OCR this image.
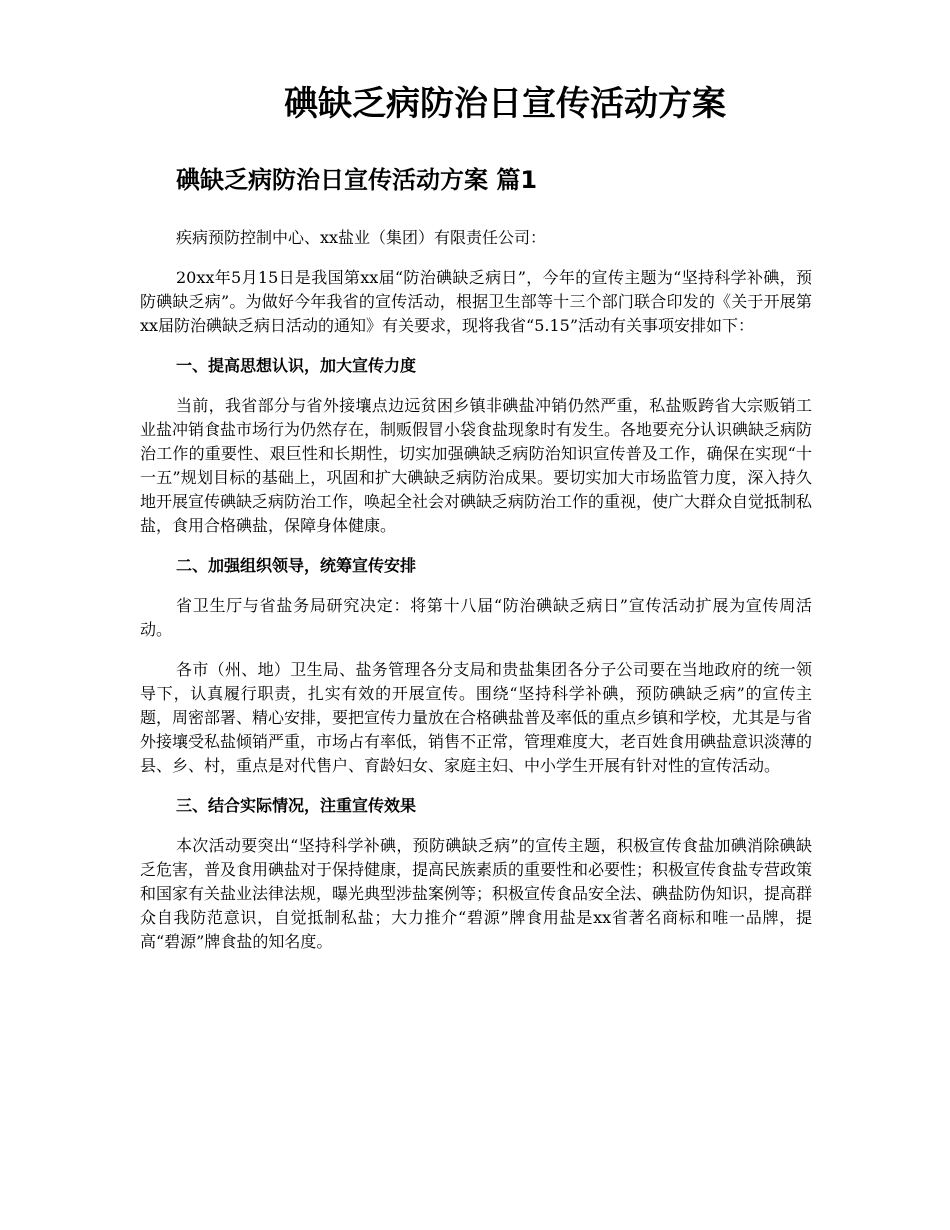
碘缺乏病防治日宣传活动方案
碘缺乏病防治日宣传活动方案 篇1

疾病预防控制中心、xx盐业（集团）有限责任公司：

20xx年5月15日是我国第xx届“防治碘缺乏病日”，今年的宣传主题为“坚持科学补碘，预防碘缺乏病”。为做好今年我省的宣传活动，根据卫生部等十三个部门联合印发的《关于开展第xx届防治碘缺乏病日活动的通知》有关要求，现将我省“5.15”活动有关事项安排如下：

一、提高思想认识，加大宣传力度

当前，我省部分与省外接壤点边远贫困乡镇非碘盐冲销仍然严重，私盐贩跨省大宗贩销工业盐冲销食盐市场行为仍然存在，制贩假冒小袋食盐现象时有发生。各地要充分认识碘缺乏病防治工作的重要性、艰巨性和长期性，切实加强碘缺乏病防治知识宣传普及工作，确保在实现“十一五”规划目标的基础上，巩固和扩大碘缺乏病防治成果。要切实加大市场监管力度，深入持久地开展宣传碘缺乏病防治工作，唤起全社会对碘缺乏病防治工作的重视，使广大群众自觉抵制私盐，食用合格碘盐，保障身体健康。

二、加强组织领导，统筹宣传安排

省卫生厅与省盐务局研究决定：将第十八届“防治碘缺乏病日”宣传活动扩展为宣传周活动。

各市（州、地）卫生局、盐务管理各分支局和贵盐集团各分子公司要在当地政府的统一领导下，认真履行职责，扎实有效的开展宣传。围绕“坚持科学补碘，预防碘缺乏病”的宣传主题，周密部署、精心安排，要把宣传力量放在合格碘盐普及率低的重点乡镇和学校，尤其是与省外接壤受私盐倾销严重，市场占有率低，销售不正常，管理难度大，老百姓食用碘盐意识淡薄的县、乡、村，重点是对代售户、育龄妇女、家庭主妇、中小学生开展有针对性的宣传活动。

三、结合实际情况，注重宣传效果

本次活动要突出“坚持科学补碘，预防碘缺乏病”的宣传主题，积极宣传食盐加碘消除碘缺乏危害，普及食用碘盐对于保持健康，提高民族素质的重要性和必要性；积极宣传食盐专营政策和国家有关盐业法律法规，曝光典型涉盐案例等；积极宣传食品安全法、碘盐防伪知识，提高群众自我防范意识，自觉抵制私盐；大力推介“碧源”牌食用盐是xx省著名商标和唯一品牌，提高“碧源”牌食盐的知名度。
